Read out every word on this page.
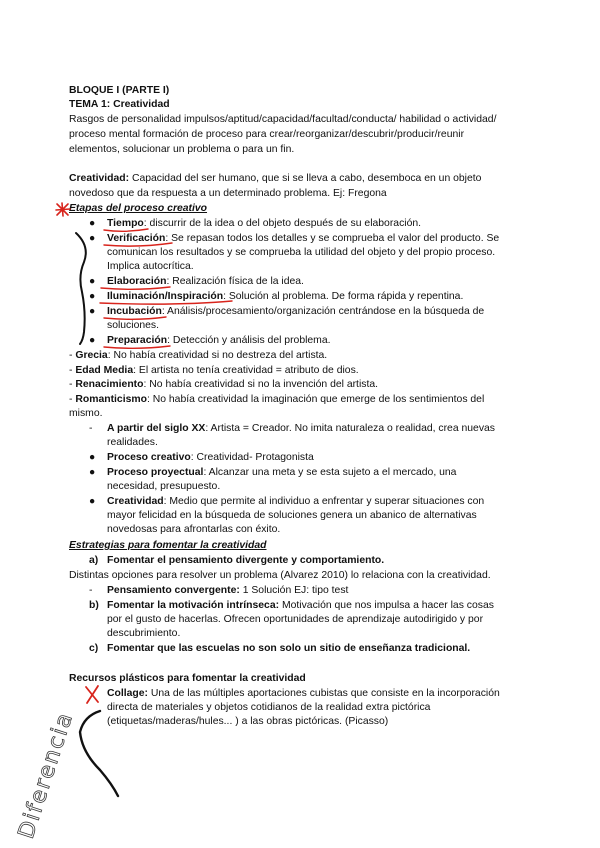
BLOQUE I (PARTE I)
TEMA 1: Creatividad
Rasgos de personalidad impulsos/aptitud/capacidad/facultad/conducta/ habilidad o actividad/
proceso mental formación de proceso para crear/reorganizar/descubrir/producir/reunir
elementos, solucionar un problema o para un fin.
Creatividad: Capacidad del ser humano, que si se lleva a cabo, desemboca en un objeto
novedoso que da respuesta a un determinado problema. Ej: Fregona
Etapas del proceso creativo
● Tiempo: discurrir de la idea o del objeto después de su elaboración.
● Verificación: Se repasan todos los detalles y se comprueba el valor del producto. Se
comunican los resultados y se comprueba la utilidad del objeto y del propio proceso.
Implica autocrítica.
● Elaboración: Realización física de la idea.
● Iluminación/Inspiración: Solución al problema. De forma rápida y repentina.
● Incubación: Análisis/procesamiento/organización centrándose en la búsqueda de
soluciones.
● Preparación: Detección y análisis del problema.
- Grecia: No había creatividad si no destreza del artista.
- Edad Media: El artista no tenía creatividad = atributo de dios.
- Renacimiento: No había creatividad si no la invención del artista.
- Romanticismo: No había creatividad la imaginación que emerge de los sentimientos del
mismo.
- A partir del siglo XX: Artista = Creador. No imita naturaleza o realidad, crea nuevas
realidades.
● Proceso creativo: Creatividad- Protagonista
● Proceso proyectual: Alcanzar una meta y se esta sujeto a el mercado, una
necesidad, presupuesto.
● Creatividad: Medio que permite al individuo a enfrentar y superar situaciones con
mayor felicidad en la búsqueda de soluciones genera un abanico de alternativas
novedosas para afrontarlas con éxito.
Estrategias para fomentar la creatividad
a) Fomentar el pensamiento divergente y comportamiento.
Distintas opciones para resolver un problema (Alvarez 2010) lo relaciona con la creatividad.
- Pensamiento convergente: 1 Solución EJ: tipo test
b) Fomentar la motivación intrínseca: Motivación que nos impulsa a hacer las cosas
por el gusto de hacerlas. Ofrecen oportunidades de aprendizaje autodirigido y por
descubrimiento.
c) Fomentar que las escuelas no son solo un sitio de enseñanza tradicional.
Recursos plásticos para fomentar la creatividad
Collage: Una de las múltiples aportaciones cubistas que consiste en la incorporación
directa de materiales y objetos cotidianos de la realidad extra pictórica
(etiquetas/maderas/hules... ) a las obras pictóricas. (Picasso)
Diferencia
